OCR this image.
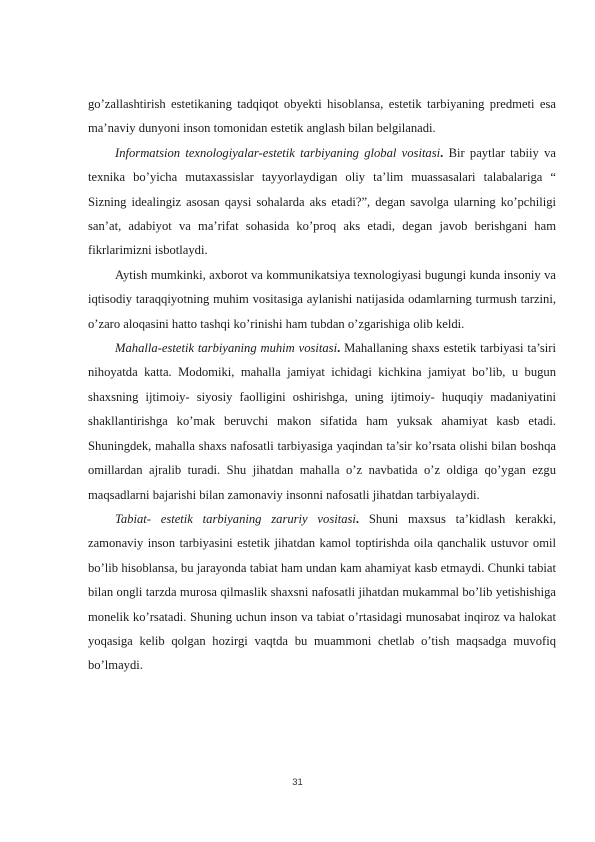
go’zallashtirish estetikaning tadqiqot obyekti hisoblansa, estetik tarbiyaning predmeti esa ma’naviy dunyoni inson tomonidan estetik anglash bilan belgilanadi.

Informatsion texnologiyalar-estetik tarbiyaning global vositasi. Bir paytlar tabiiy va texnika bo’yicha mutaxassislar tayyorlaydigan oliy ta’lim muassasalari talabalariga “ Sizning idealingiz asosan qaysi sohalarda aks etadi?”, degan savolga ularning ko’pchiligi san’at, adabiyot va ma’rifat sohasida ko’proq aks etadi, degan javob berishgani ham fikrlarimizni isbotlaydi.

Aytish mumkinki, axborot va kommunikatsiya texnologiyasi bugungi kunda insoniy va iqtisodiy taraqqiyotning muhim vositasiga aylanishi natijasida odamlarning turmush tarzini, o’zaro aloqasini hatto tashqi ko’rinishi ham tubdan o’zgarishiga olib keldi.

Mahalla-estetik tarbiyaning muhim vositasi. Mahallaning shaxs estetik tarbiyasi ta’siri nihoyatda katta. Modomiki, mahalla jamiyat ichidagi kichkina jamiyat bo’lib, u bugun shaxsning ijtimoiy- siyosiy faolligini oshirishga, uning ijtimoiy- huquqiy madaniyatini shakllantirishga ko’mak beruvchi makon sifatida ham yuksak ahamiyat kasb etadi. Shuningdek, mahalla shaxs nafosatli tarbiyasiga yaqindan ta’sir ko’rsata olishi bilan boshqa omillardan ajralib turadi. Shu jihatdan mahalla o’z navbatida o’z oldiga qo’ygan ezgu maqsadlarni bajarishi bilan zamonaviy insonni nafosatli jihatdan tarbiyalaydi.

Tabiat- estetik tarbiyaning zaruriy vositasi. Shuni maxsus ta’kidlash kerakki, zamonaviy inson tarbiyasini estetik jihatdan kamol toptirishda oila qanchalik ustuvor omil bo’lib hisoblansa, bu jarayonda tabiat ham undan kam ahamiyat kasb etmaydi. Chunki tabiat bilan ongli tarzda murosa qilmaslik shaxsni nafosatli jihatdan mukammal bo’lib yetishishiga monelik ko’rsatadi. Shuning uchun inson va tabiat o’rtasidagi munosabat inqiroz va halokat yoqasiga kelib qolgan hozirgi vaqtda bu muammoni chetlab o’tish maqsadga muvofiq bo’lmaydi.

31
